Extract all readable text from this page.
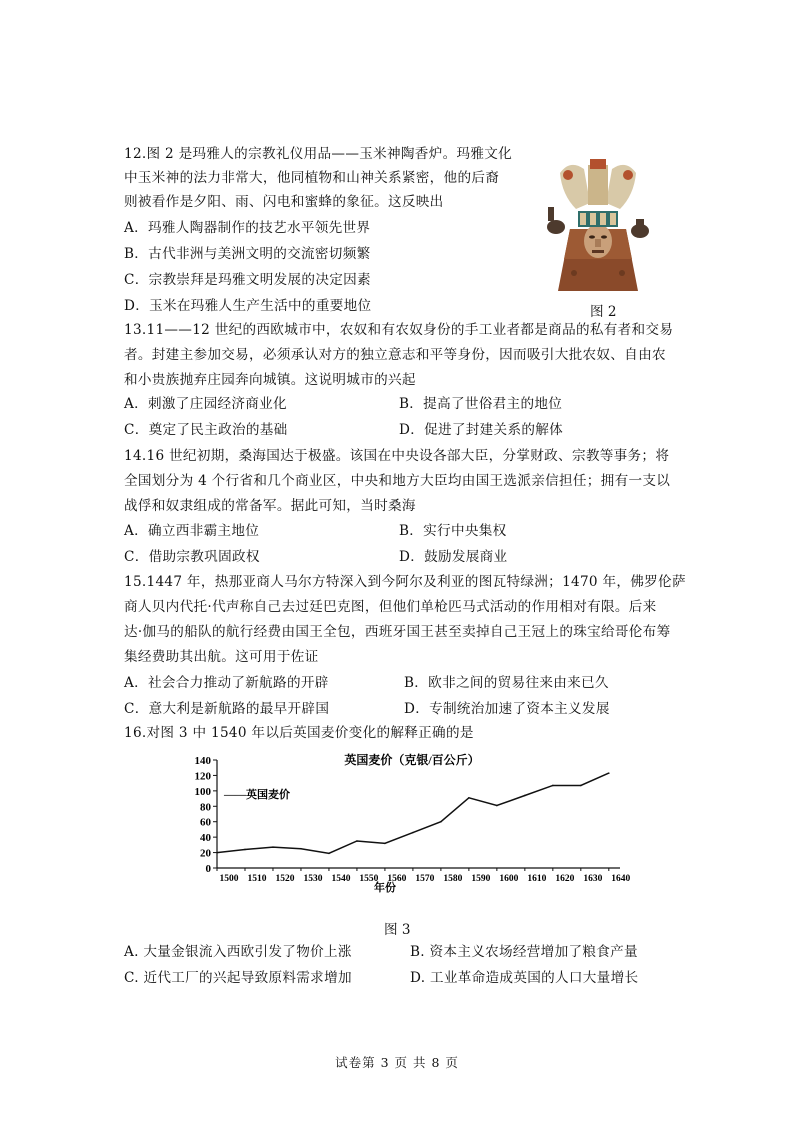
12.图 2 是玛雅人的宗教礼仪用品——玉米神陶香炉。玛雅文化
中玉米神的法力非常大，他同植物和山神关系紧密，他的后裔
则被看作是夕阳、雨、闪电和蜜蜂的象征。这反映出
A．玛雅人陶器制作的技艺水平领先世界
B．古代非洲与美洲文明的交流密切频繁
C．宗教崇拜是玛雅文明发展的决定因素
D．玉米在玛雅人生产生活中的重要地位	图 2
13.11——12 世纪的西欧城市中，农奴和有农奴身份的手工业者都是商品的私有者和交易
者。封建主参加交易，必须承认对方的独立意志和平等身份，因而吸引大批农奴、自由农
和小贵族抛弃庄园奔向城镇。这说明城市的兴起
A．刺激了庄园经济商业化	B．提高了世俗君主的地位
C．奠定了民主政治的基础	D．促进了封建关系的解体
14.16 世纪初期，桑海国达于极盛。该国在中央设各部大臣，分掌财政、宗教等事务；将
全国划分为 4 个行省和几个商业区，中央和地方大臣均由国王选派亲信担任；拥有一支以
战俘和奴隶组成的常备军。据此可知，当时桑海
A．确立西非霸主地位	B．实行中央集权
C．借助宗教巩固政权	D．鼓励发展商业
15.1447 年，热那亚商人马尔方特深入到今阿尔及利亚的图瓦特绿洲；1470 年，佛罗伦萨
商人贝内代托·代声称自己去过廷巴克图，但他们单枪匹马式活动的作用相对有限。后来
达·伽马的船队的航行经费由国王全包，西班牙国王甚至卖掉自己王冠上的珠宝给哥伦布筹
集经费助其出航。这可用于佐证
A．社会合力推动了新航路的开辟	B．欧非之间的贸易往来由来已久
C．意大利是新航路的最早开辟国	D．专制统治加速了资本主义发展
16.对图 3 中 1540 年以后英国麦价变化的解释正确的是
英国麦价（克银/百公斤）
——英国麦价
0
20
40
60
80
100
120
140
1500 1510 1520 1530 1540 1550 1560 1570 1580 1590 1600 1610 1620 1630 1640
年份
图 3
A. 大量金银流入西欧引发了物价上涨	B. 资本主义农场经营增加了粮食产量
C. 近代工厂的兴起导致原料需求增加	D. 工业革命造成英国的人口大量增长
试卷第 3 页 共 8 页
